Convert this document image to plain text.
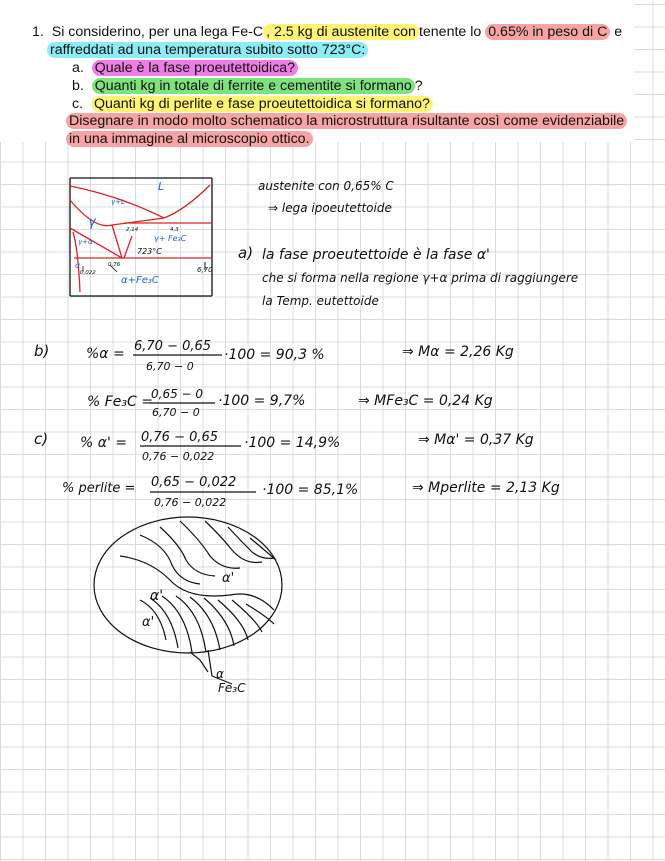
1. Si considerino, per una lega Fe-C , 2.5 kg di austenite con tenente lo 0.65% in peso di C e
raffreddati ad una temperatura subito sotto 723°C:
a. Quale è la fase proeutettoidica?
b. Quanti kg in totale di ferrite e cementite si formano ?
c. Quanti kg di perlite e fase proeutettoidica si formano?
Disegnare in modo molto schematico la microstruttura risultante così come evidenziabile
in una immagine al microscopio ottico.
L
γ+L
γ
γ+ Fe₃C
γ+α
α
α+Fe₃C
723°C
2,14	4,3
0,76
0,022	6,70
austenite con 0,65% C
⇒ lega ipoeutettoide
a) la fase proeutettoide è la fase α'
che si forma nella regione γ+α prima di raggiungere
la Temp. eutettoide
b)	%α = 6,70 − 0,65
6,70 − 0
·100 = 90,3 %	⇒ Mα = 2,26 Kg
% Fe₃C =
0,65 − 0
6,70 − 0
·100 = 9,7%	⇒ MFe₃C = 0,24 Kg
c) % α' = 0,76 − 0,65
0,76 − 0,022
·100 = 14,9%	⇒ Mα' = 0,37 Kg
% perlite = 0,65 − 0,022
0,76 − 0,022
·100 = 85,1%	⇒ Mperlite = 2,13 Kg
α'
α'
α'
α
Fe₃C
